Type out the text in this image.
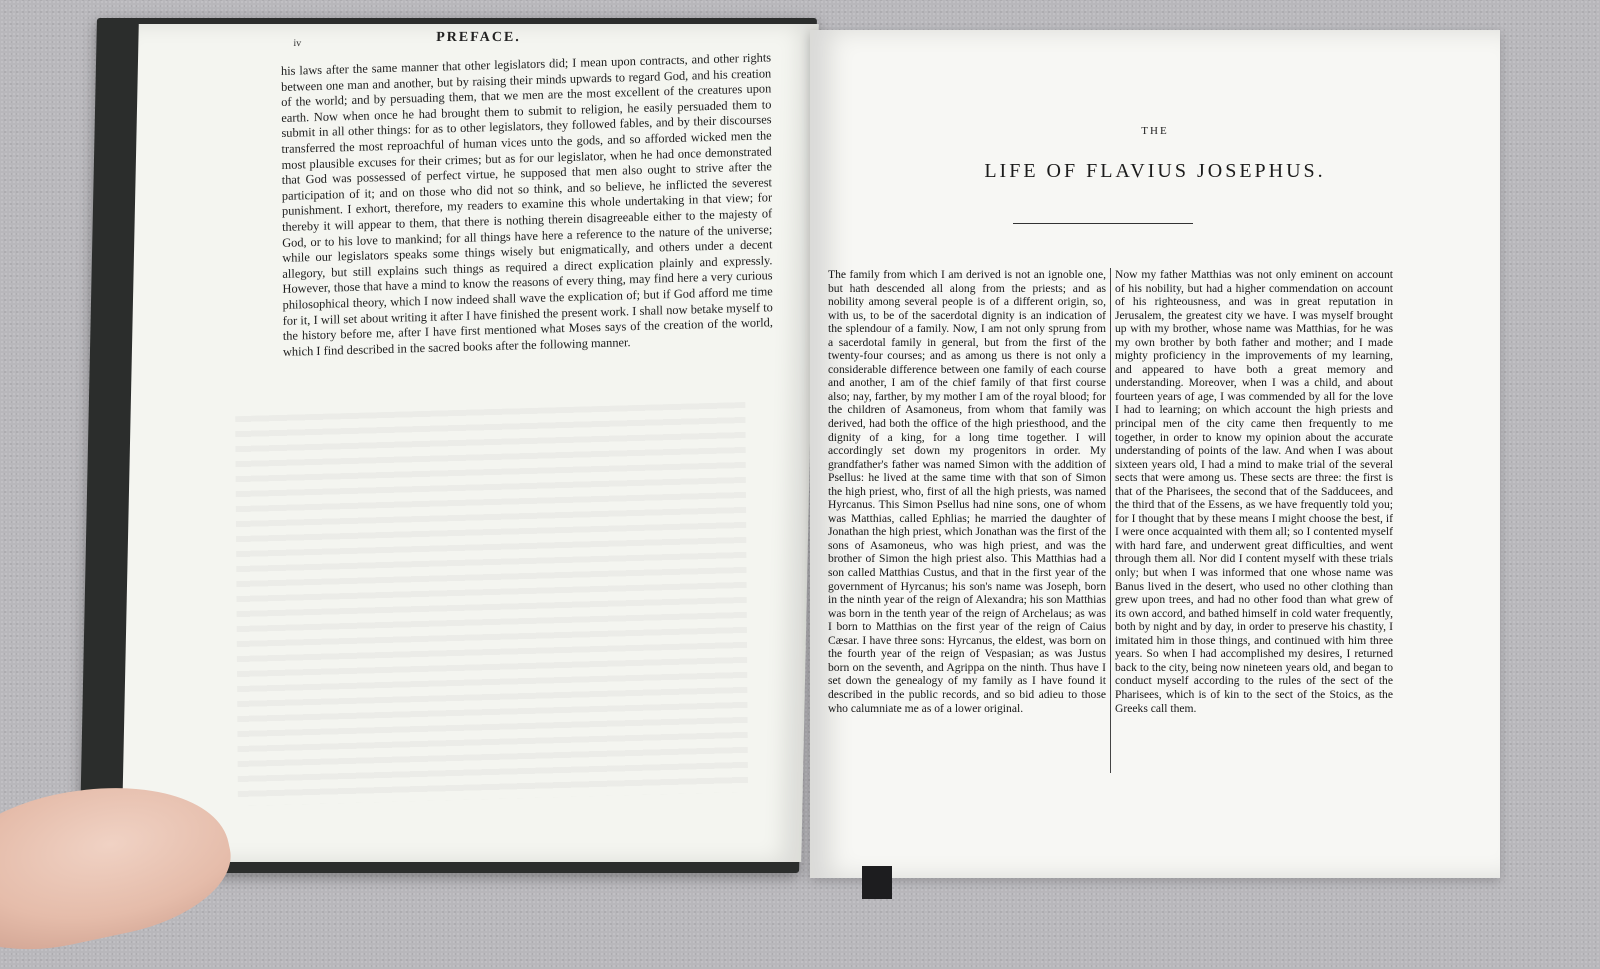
iv	PREFACE.

his laws after the same manner that other legislators did; I mean upon contracts, and other rights between one man and another, but by raising their minds upwards to regard God, and his creation of the world; and by persuading them, that we men are the most excellent of the creatures upon earth. Now when once he had brought them to submit to religion, he easily persuaded them to submit in all other things: for as to other legislators, they followed fables, and by their discourses transferred the most reproachful of human vices unto the gods, and so afforded wicked men the most plausible excuses for their crimes; but as for our legislator, when he had once demonstrated that God was possessed of perfect virtue, he supposed that men also ought to strive after the participation of it; and on those who did not so think, and so believe, he inflicted the severest punishment. I exhort, therefore, my readers to examine this whole undertaking in that view; for thereby it will appear to them, that there is nothing therein disagreeable either to the majesty of God, or to his love to mankind; for all things have here a reference to the nature of the universe; while our legislators speaks some things wisely but enigmatically, and others under a decent allegory, but still explains such things as required a direct explication plainly and expressly. However, those that have a mind to know the reasons of every thing, may find here a very curious philosophical theory, which I now indeed shall wave the explication of; but if God afford me time for it, I will set about writing it after I have finished the present work. I shall now betake myself to the history before me, after I have first mentioned what Moses says of the creation of the world, which I find described in the sacred books after the following manner.

THE
LIFE OF FLAVIUS JOSEPHUS.

The family from which I am derived is not an ignoble one, but hath descended all along from the priests; and as nobility among several people is of a different origin, so, with us, to be of the sacerdotal dignity is an indication of the splendour of a family. Now, I am not only sprung from a sacerdotal family in general, but from the first of the twenty-four courses; and as among us there is not only a considerable difference between one family of each course and another, I am of the chief family of that first course also; nay, farther, by my mother I am of the royal blood; for the children of Asamoneus, from whom that family was derived, had both the office of the high priesthood, and the dignity of a king, for a long time together. I will accordingly set down my progenitors in order. My grandfather's father was named Simon with the addition of Psellus: he lived at the same time with that son of Simon the high priest, who, first of all the high priests, was named Hyrcanus. This Simon Psellus had nine sons, one of whom was Matthias, called Ephlias; he married the daughter of Jonathan the high priest, which Jonathan was the first of the sons of Asamoneus, who was high priest, and was the brother of Simon the high priest also. This Matthias had a son called Matthias Custus, and that in the first year of the government of Hyrcanus; his son's name was Joseph, born in the ninth year of the reign of Alexandra; his son Matthias was born in the tenth year of the reign of Archelaus; as was I born to Matthias on the first year of the reign of Caius Cæsar. I have three sons: Hyrcanus, the eldest, was born on the fourth year of the reign of Vespasian; as was Justus born on the seventh, and Agrippa on the ninth. Thus have I set down the genealogy of my family as I have found it described in the public records, and so bid adieu to those who calumniate me as of a lower original.

Now my father Matthias was not only eminent on account of his nobility, but had a higher commendation on account of his righteousness, and was in great reputation in Jerusalem, the greatest city we have. I was myself brought up with my brother, whose name was Matthias, for he was my own brother by both father and mother; and I made mighty proficiency in the improvements of my learning, and appeared to have both a great memory and understanding. Moreover, when I was a child, and about fourteen years of age, I was commended by all for the love I had to learning; on which account the high priests and principal men of the city came then frequently to me together, in order to know my opinion about the accurate understanding of points of the law. And when I was about sixteen years old, I had a mind to make trial of the several sects that were among us. These sects are three: the first is that of the Pharisees, the second that of the Sadducees, and the third that of the Essens, as we have frequently told you; for I thought that by these means I might choose the best, if I were once acquainted with them all; so I contented myself with hard fare, and underwent great difficulties, and went through them all. Nor did I content myself with these trials only; but when I was informed that one whose name was Banus lived in the desert, who used no other clothing than grew upon trees, and had no other food than what grew of its own accord, and bathed himself in cold water frequently, both by night and by day, in order to preserve his chastity, I imitated him in those things, and continued with him three years. So when I had accomplished my desires, I returned back to the city, being now nineteen years old, and began to conduct myself according to the rules of the sect of the Pharisees, which is of kin to the sect of the Stoics, as the Greeks call them.
